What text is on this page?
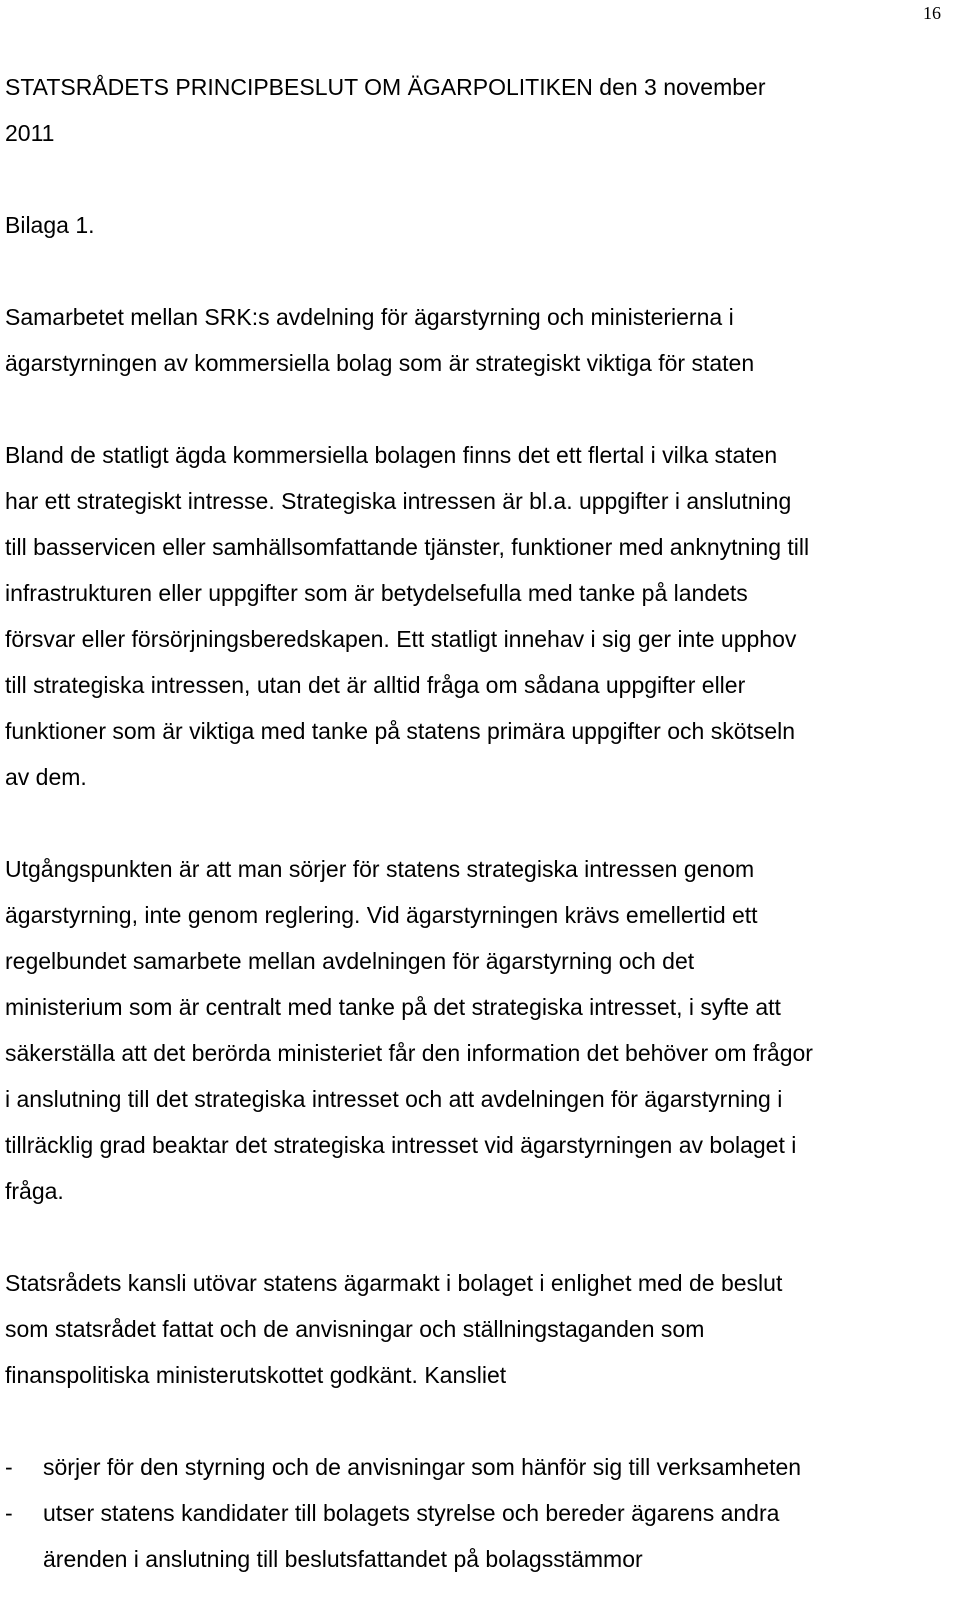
16

STATSRÅDETS PRINCIPBESLUT OM ÄGARPOLITIKEN den 3 november

2011

Bilaga 1.

Samarbetet mellan SRK:s avdelning för ägarstyrning och ministerierna i

ägarstyrningen av kommersiella bolag som är strategiskt viktiga för staten

Bland de statligt ägda kommersiella bolagen finns det ett flertal i vilka staten

har ett strategiskt intresse. Strategiska intressen är bl.a. uppgifter i anslutning

till basservicen eller samhällsomfattande tjänster, funktioner med anknytning till

infrastrukturen eller uppgifter som är betydelsefulla med tanke på landets

försvar eller försörjningsberedskapen. Ett statligt innehav i sig ger inte upphov

till strategiska intressen, utan det är alltid fråga om sådana uppgifter eller

funktioner som är viktiga med tanke på statens primära uppgifter och skötseln

av dem.

Utgångspunkten är att man sörjer för statens strategiska intressen genom

ägarstyrning, inte genom reglering. Vid ägarstyrningen krävs emellertid ett

regelbundet samarbete mellan avdelningen för ägarstyrning och det

ministerium som är centralt med tanke på det strategiska intresset, i syfte att

säkerställa att det berörda ministeriet får den information det behöver om frågor

i anslutning till det strategiska intresset och att avdelningen för ägarstyrning i

tillräcklig grad beaktar det strategiska intresset vid ägarstyrningen av bolaget i

fråga.

Statsrådets kansli utövar statens ägarmakt i bolaget i enlighet med de beslut

som statsrådet fattat och de anvisningar och ställningstaganden som

finanspolitiska ministerutskottet godkänt. Kansliet

-	sörjer för den styrning och de anvisningar som hänför sig till verksamheten

-	utser statens kandidater till bolagets styrelse och bereder ägarens andra

ärenden i anslutning till beslutsfattandet på bolagsstämmor
